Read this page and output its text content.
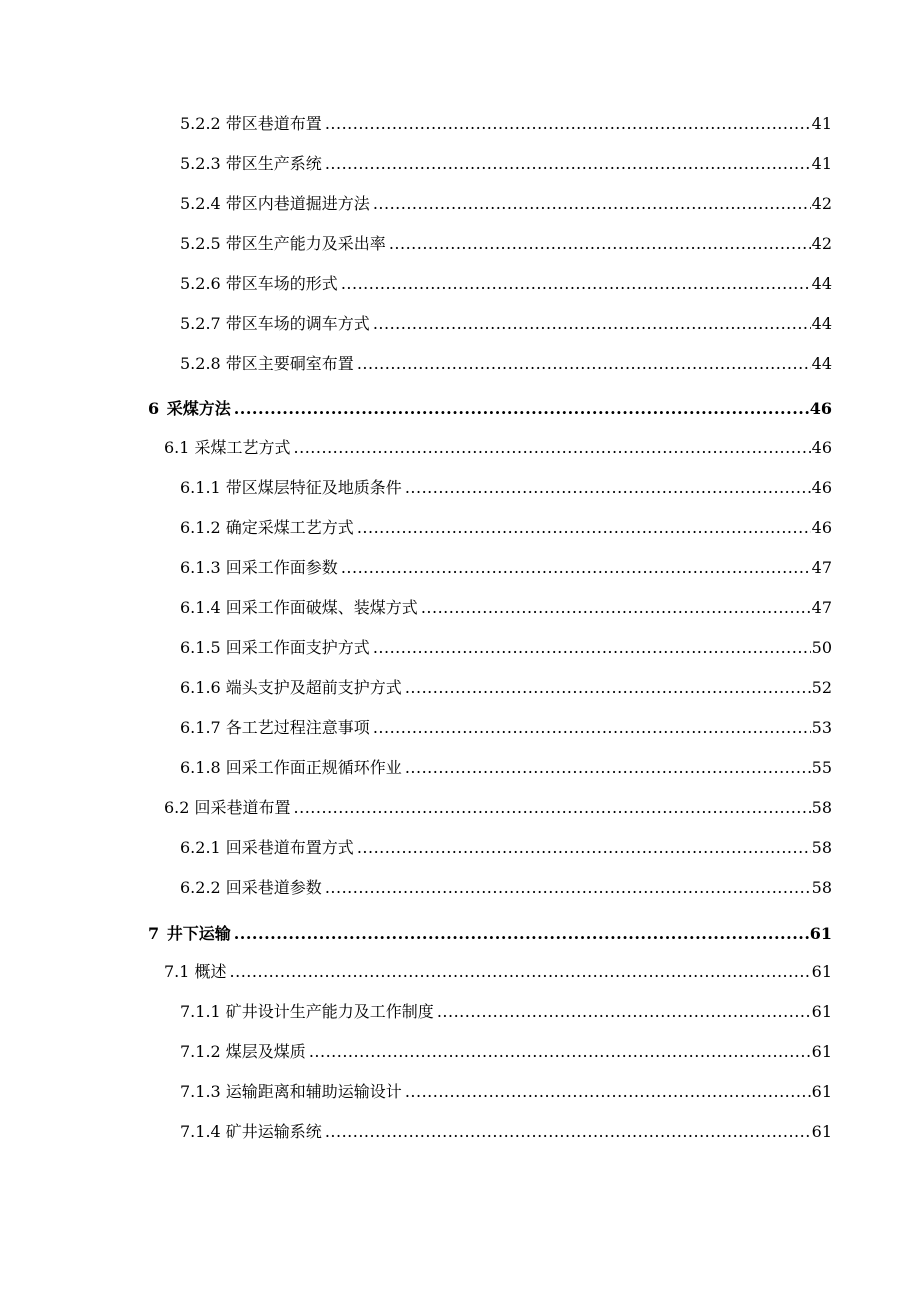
5.2.2 带区巷道布置 .....	41
5.2.3 带区生产系统 .....	41
5.2.4 带区内巷道掘进方法 .....	42
5.2.5 带区生产能力及采出率 .....	42
5.2.6 带区车场的形式 .....	44
5.2.7 带区车场的调车方式 .....	44
5.2.8 带区主要硐室布置 .....	44
6 采煤方法 .....	46
6.1 采煤工艺方式 .....	46
6.1.1 带区煤层特征及地质条件 .....	46
6.1.2 确定采煤工艺方式 .....	46
6.1.3 回采工作面参数 .....	47
6.1.4 回采工作面破煤、装煤方式 .....	47
6.1.5 回采工作面支护方式 .....	50
6.1.6 端头支护及超前支护方式 .....	52
6.1.7 各工艺过程注意事项 .....	53
6.1.8 回采工作面正规循环作业 .....	55
6.2 回采巷道布置 .....	58
6.2.1 回采巷道布置方式 .....	58
6.2.2 回采巷道参数 .....	58
7 井下运输 .....	61
7.1 概述 .....	61
7.1.1 矿井设计生产能力及工作制度 .....	61
7.1.2 煤层及煤质 .....	61
7.1.3 运输距离和辅助运输设计 .....	61
7.1.4 矿井运输系统 .....	61
